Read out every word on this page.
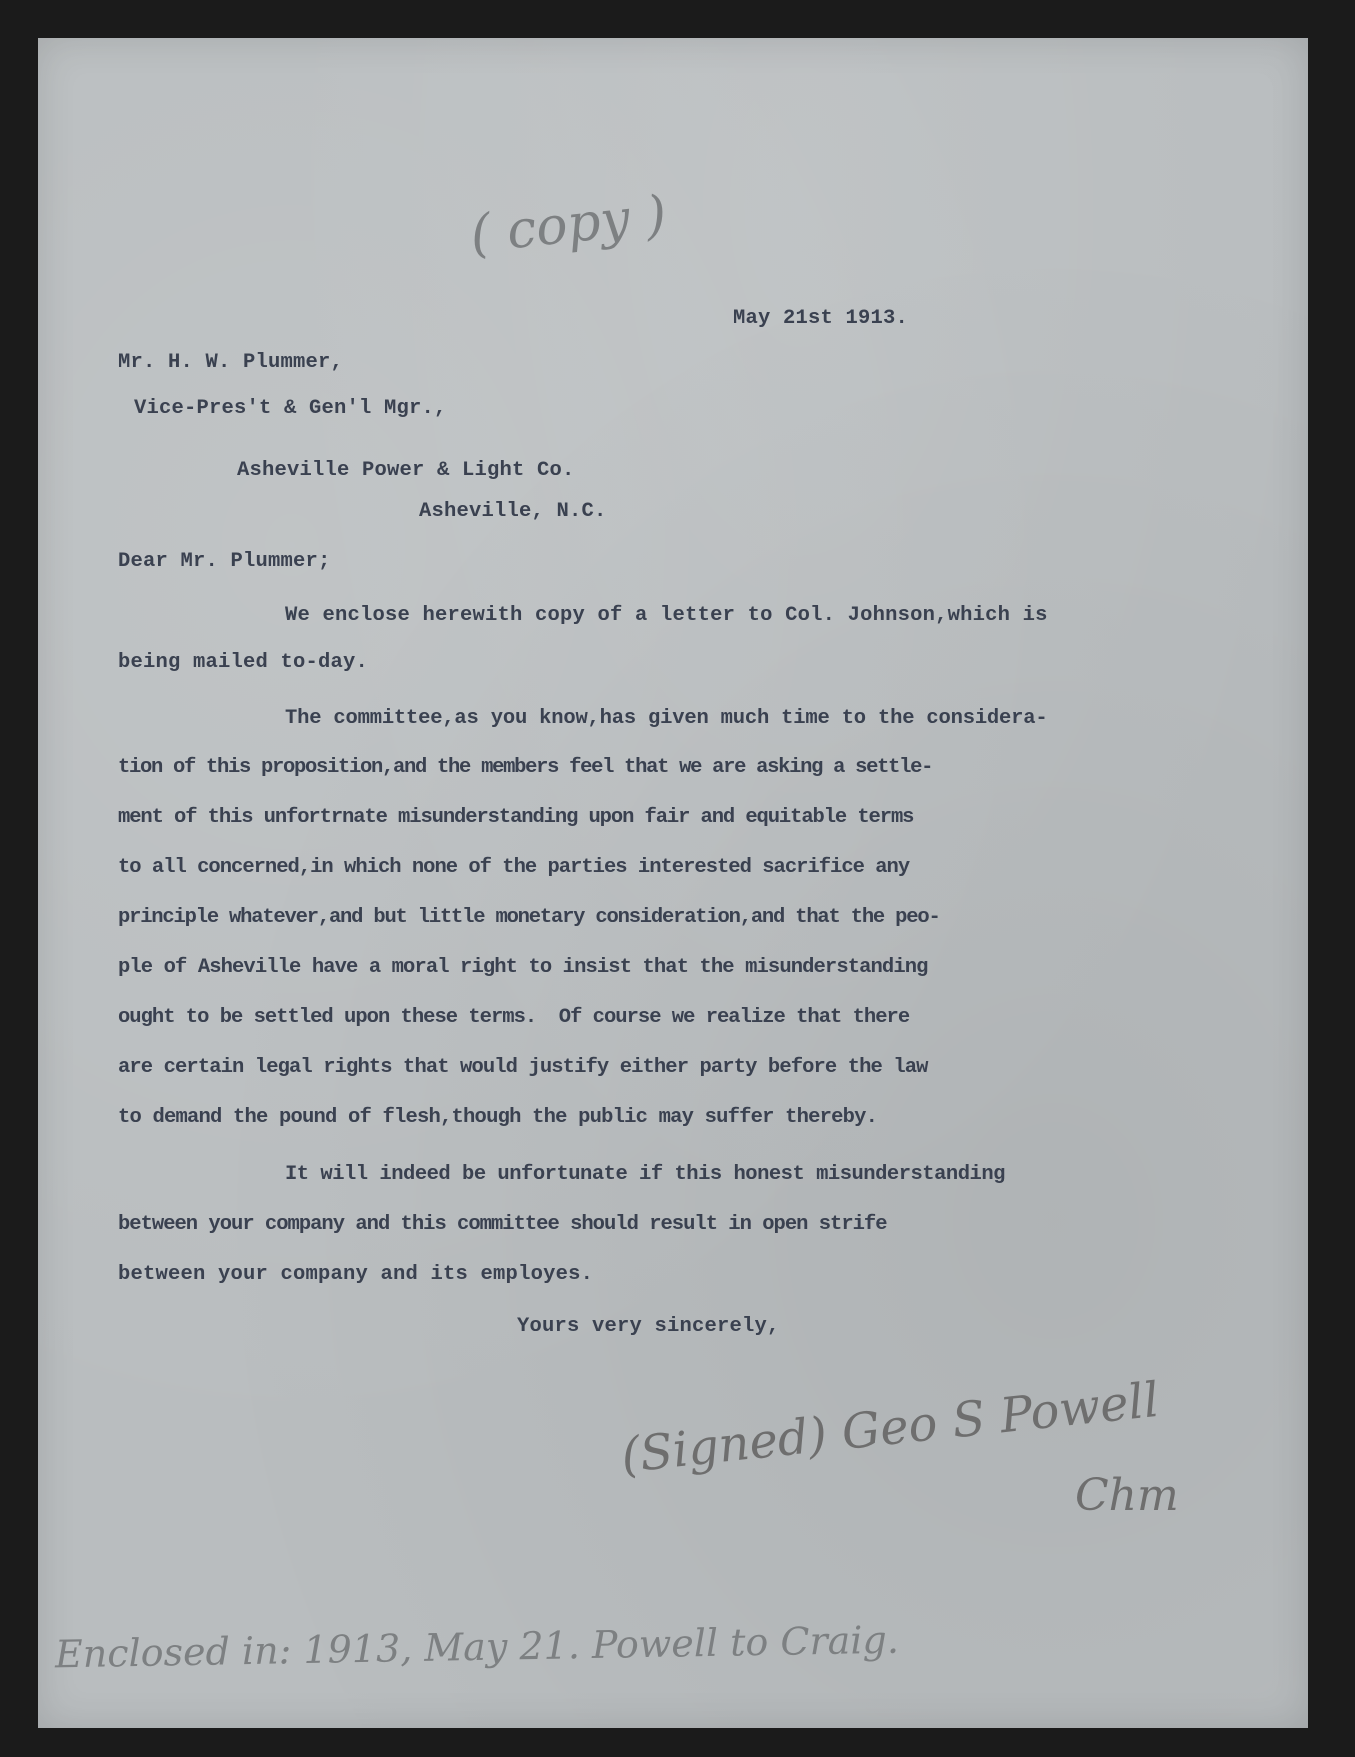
( copy )
May 21st 1913.
Mr. H. W. Plummer,
Vice-Pres't & Gen'l Mgr.,
Asheville Power & Light Co.
Asheville, N.C.
Dear Mr. Plummer;
We enclose herewith copy of a letter to Col. Johnson,which is
being mailed to-day.
The committee,as you know,has given much time to the considera-
tion of this proposition,and the members feel that we are asking a settle-
ment of this unfortrnate misunderstanding upon fair and equitable terms
to all concerned,in which none of the parties interested sacrifice any
principle whatever,and but little monetary consideration,and that the peo-
ple of Asheville have a moral right to insist that the misunderstanding
ought to be settled upon these terms.  Of course we realize that there
are certain legal rights that would justify either party before the law
to demand the pound of flesh,though the public may suffer thereby.
It will indeed be unfortunate if this honest misunderstanding
between your company and this committee should result in open strife
between your company and its employes.
Yours very sincerely,
(Signed) Geo S Powell
Chm
Enclosed in: 1913, May 21. Powell to Craig.
